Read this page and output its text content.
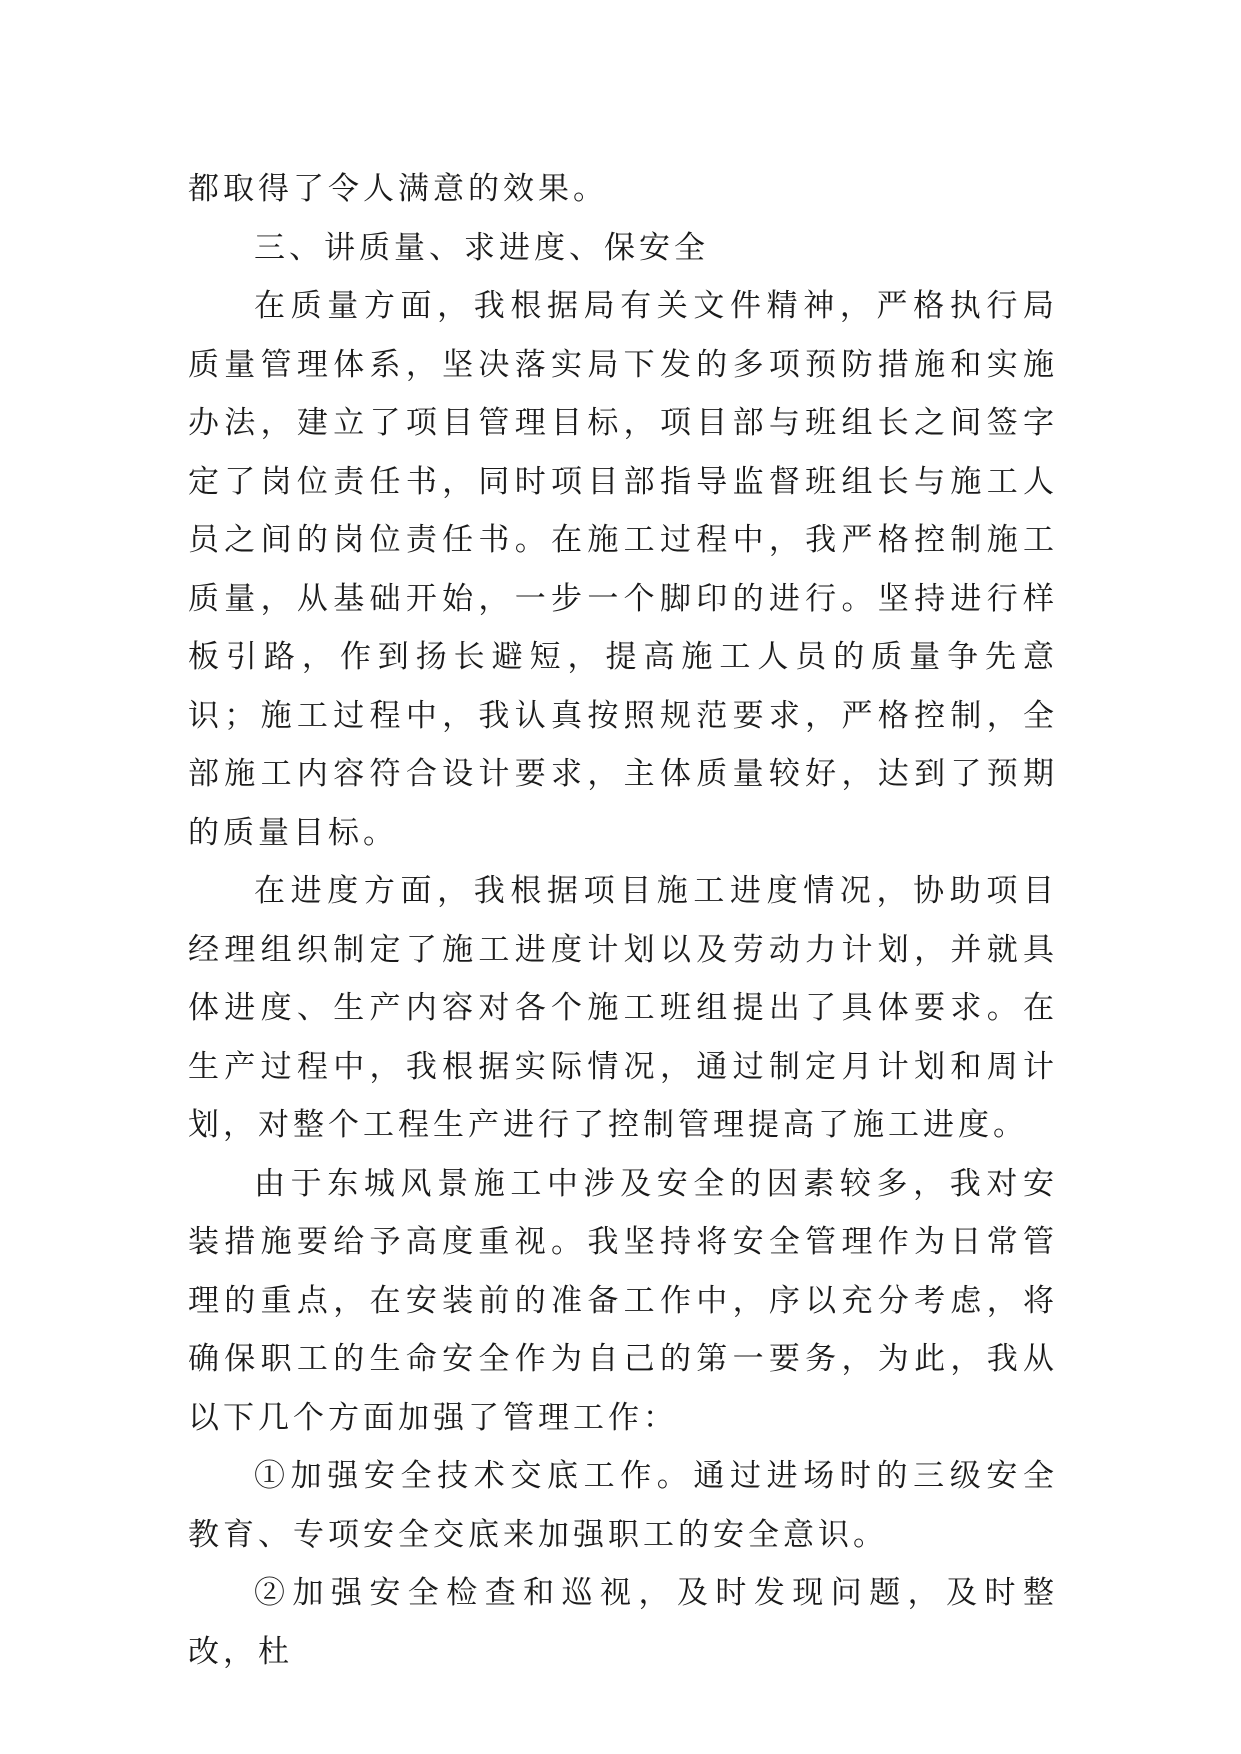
都取得了令人满意的效果。

三、讲质量、求进度、保安全

在质量方面，我根据局有关文件精神，严格执行局质量管理体系，坚决落实局下发的多项预防措施和实施办法，建立了项目管理目标，项目部与班组长之间签字定了岗位责任书，同时项目部指导监督班组长与施工人员之间的岗位责任书。在施工过程中，我严格控制施工质量，从基础开始，一步一个脚印的进行。坚持进行样板引路，作到扬长避短，提高施工人员的质量争先意识；施工过程中，我认真按照规范要求，严格控制，全部施工内容符合设计要求，主体质量较好，达到了预期的质量目标。

在进度方面，我根据项目施工进度情况，协助项目经理组织制定了施工进度计划以及劳动力计划，并就具体进度、生产内容对各个施工班组提出了具体要求。在生产过程中，我根据实际情况，通过制定月计划和周计划，对整个工程生产进行了控制管理提高了施工进度。

由于东城风景施工中涉及安全的因素较多，我对安装措施要给予高度重视。我坚持将安全管理作为日常管理的重点，在安装前的准备工作中，序以充分考虑，将确保职工的生命安全作为自己的第一要务，为此，我从以下几个方面加强了管理工作：

①加强安全技术交底工作。通过进场时的三级安全教育、专项安全交底来加强职工的安全意识。

②加强安全检查和巡视，及时发现问题，及时整改，杜
